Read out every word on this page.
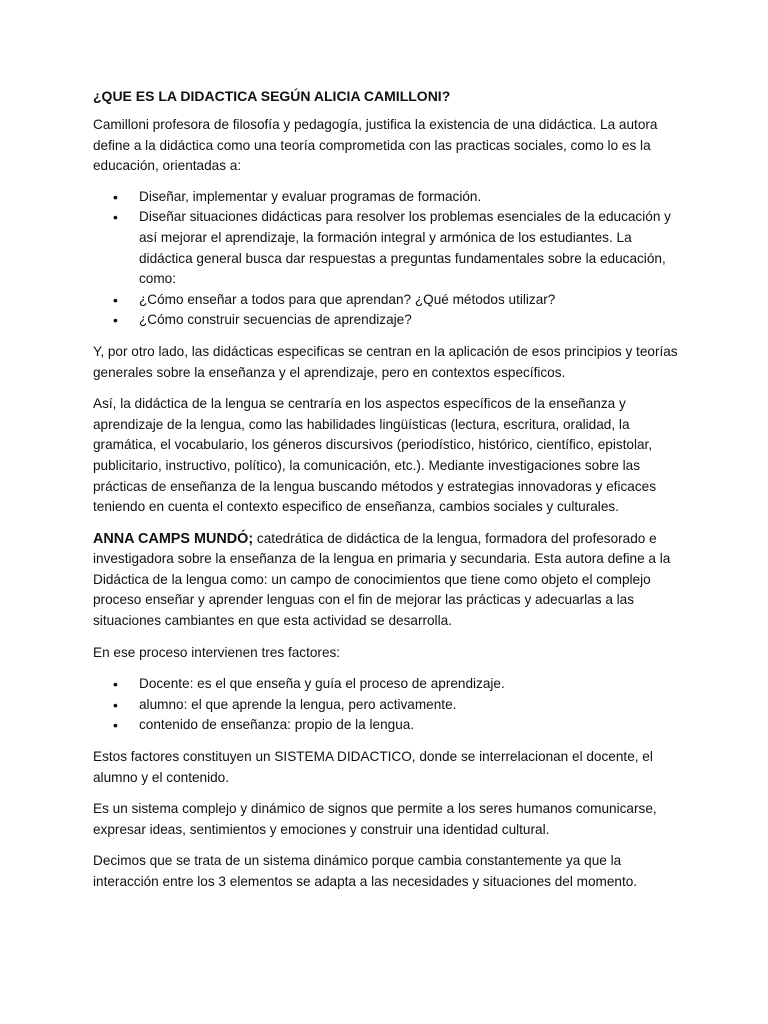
¿QUE ES LA DIDACTICA SEGÚN ALICIA CAMILLONI?

Camilloni profesora de filosofía y pedagogía, justifica la existencia de una didáctica. La autora define a la didáctica como una teoría comprometida con las practicas sociales, como lo es la educación, orientadas a:

• Diseñar, implementar y evaluar programas de formación.
• Diseñar situaciones didácticas para resolver los problemas esenciales de la educación y así mejorar el aprendizaje, la formación integral y armónica de los estudiantes. La didáctica general busca dar respuestas a preguntas fundamentales sobre la educación, como:
• ¿Cómo enseñar a todos para que aprendan? ¿Qué métodos utilizar?
• ¿Cómo construir secuencias de aprendizaje?

Y, por otro lado, las didácticas especificas se centran en la aplicación de esos principios y teorías generales sobre la enseñanza y el aprendizaje, pero en contextos específicos.

Así, la didáctica de la lengua se centraría en los aspectos específicos de la enseñanza y aprendizaje de la lengua, como las habilidades lingüísticas (lectura, escritura, oralidad, la gramática, el vocabulario, los géneros discursivos (periodístico, histórico, científico, epistolar, publicitario, instructivo, político), la comunicación, etc.). Mediante investigaciones sobre las prácticas de enseñanza de la lengua buscando métodos y estrategias innovadoras y eficaces teniendo en cuenta el contexto especifico de enseñanza, cambios sociales y culturales.

ANNA CAMPS MUNDÓ; catedrática de didáctica de la lengua, formadora del profesorado e investigadora sobre la enseñanza de la lengua en primaria y secundaria. Esta autora define a la Didáctica de la lengua como: un campo de conocimientos que tiene como objeto el complejo proceso enseñar y aprender lenguas con el fin de mejorar las prácticas y adecuarlas a las situaciones cambiantes en que esta actividad se desarrolla.

En ese proceso intervienen tres factores:

• Docente: es el que enseña y guía el proceso de aprendizaje.
• alumno: el que aprende la lengua, pero activamente.
• contenido de enseñanza: propio de la lengua.

Estos factores constituyen un SISTEMA DIDACTICO, donde se interrelacionan el docente, el alumno y el contenido.

Es un sistema complejo y dinámico de signos que permite a los seres humanos comunicarse, expresar ideas, sentimientos y emociones y construir una identidad cultural.

Decimos que se trata de un sistema dinámico porque cambia constantemente ya que la interacción entre los 3 elementos se adapta a las necesidades y situaciones del momento.
